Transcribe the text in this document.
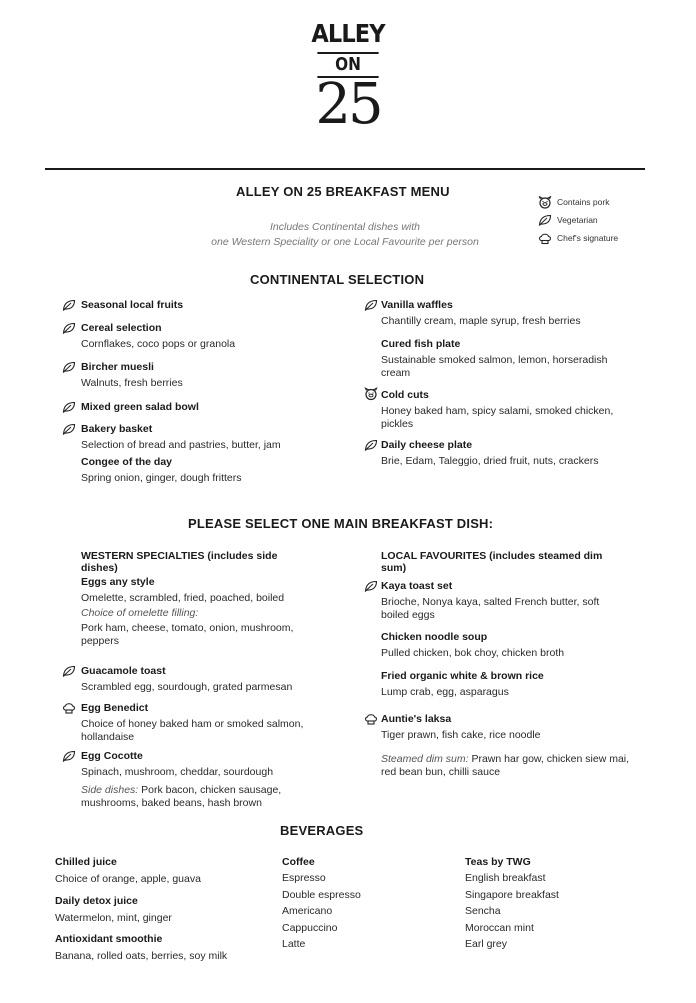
ALLEY
ON
25
ALLEY ON 25 BREAKFAST MENU
Includes Continental dishes with
one Western Speciality or one Local Favourite per person
Contains pork
Vegetarian
Chef's signature
CONTINENTAL SELECTION
Seasonal local fruits
Cereal selection
Cornflakes, coco pops or granola
Bircher muesli
Walnuts, fresh berries
Mixed green salad bowl
Bakery basket
Selection of bread and pastries, butter, jam
Congee of the day
Spring onion, ginger, dough fritters
Vanilla waffles
Chantilly cream, maple syrup, fresh berries
Cured fish plate
Sustainable smoked salmon, lemon, horseradish cream
Cold cuts
Honey baked ham, spicy salami, smoked chicken, pickles
Daily cheese plate
Brie, Edam, Taleggio, dried fruit, nuts, crackers
PLEASE SELECT ONE MAIN BREAKFAST DISH:
WESTERN SPECIALTIES (includes side dishes)
Eggs any style
Omelette, scrambled, fried, poached, boiled
Choice of omelette filling:
Pork ham, cheese, tomato, onion, mushroom, peppers
Guacamole toast
Scrambled egg, sourdough, grated parmesan
Egg Benedict
Choice of honey baked ham or smoked salmon, hollandaise
Egg Cocotte
Spinach, mushroom, cheddar, sourdough
Side dishes: Pork bacon, chicken sausage, mushrooms, baked beans, hash brown
LOCAL FAVOURITES (includes steamed dim sum)
Kaya toast set
Brioche, Nonya kaya, salted French butter, soft boiled eggs
Chicken noodle soup
Pulled chicken, bok choy, chicken broth
Fried organic white & brown rice
Lump crab, egg, asparagus
Auntie's laksa
Tiger prawn, fish cake, rice noodle
Steamed dim sum: Prawn har gow, chicken siew mai, red bean bun, chilli sauce
BEVERAGES
Chilled juice
Choice of orange, apple, guava
Daily detox juice
Watermelon, mint, ginger
Antioxidant smoothie
Banana, rolled oats, berries, soy milk
Coffee
Espresso
Double espresso
Americano
Cappuccino
Latte
Teas by TWG
English breakfast
Singapore breakfast
Sencha
Moroccan mint
Earl grey
